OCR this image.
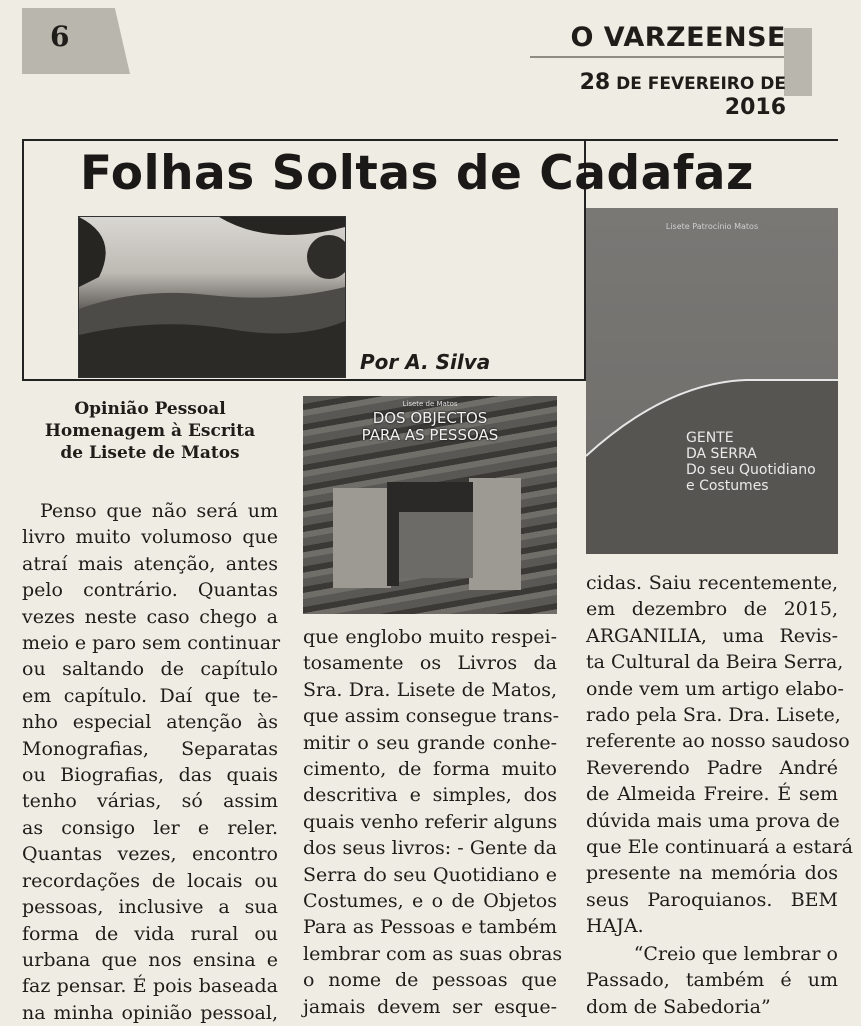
6	O VARZEENSE
28 DE FEVEREIRO DE 2016
Folhas Soltas de Cadafaz
Por A. Silva
Lisete de Matos
DOS OBJECTOS
PARA AS PESSOAS
Lisete Patrocínio Matos
GENTE
DA SERRA
Do seu Quotidiano
e Costumes
Opinião Pessoal
Homenagem à Escrita
de Lisete de Matos
Penso que não será um
livro muito volumoso que
atraí mais atenção, antes
pelo contrário. Quantas
vezes neste caso chego a
meio e paro sem continuar
ou saltando de capítulo
em capítulo. Daí que te-
nho especial atenção às
Monografias, Separatas
ou Biografias, das quais
tenho várias, só assim
as consigo ler e reler.
Quantas vezes, encontro
recordações de locais ou
pessoas, inclusive a sua
forma de vida rural ou
urbana que nos ensina e
faz pensar. É pois baseada
na minha opinião pessoal,
que englobo muito respei-
tosamente os Livros da
Sra. Dra. Lisete de Matos,
que assim consegue trans-
mitir o seu grande conhe-
cimento, de forma muito
descritiva e simples, dos
quais venho referir alguns
dos seus livros: - Gente da
Serra do seu Quotidiano e
Costumes, e o de Objetos
Para as Pessoas e também
lembrar com as suas obras
o nome de pessoas que
jamais devem ser esque-
cidas. Saiu recentemente,
em dezembro de 2015,
ARGANILIA, uma Revis-
ta Cultural da Beira Serra,
onde vem um artigo elabo-
rado pela Sra. Dra. Lisete,
referente ao nosso saudoso
Reverendo Padre André
de Almeida Freire. É sem
dúvida mais uma prova de
que Ele continuará a estará
presente na memória dos
seus Paroquianos. BEM
HAJA.
“Creio que lembrar o
Passado, também é um
dom de Sabedoria”
